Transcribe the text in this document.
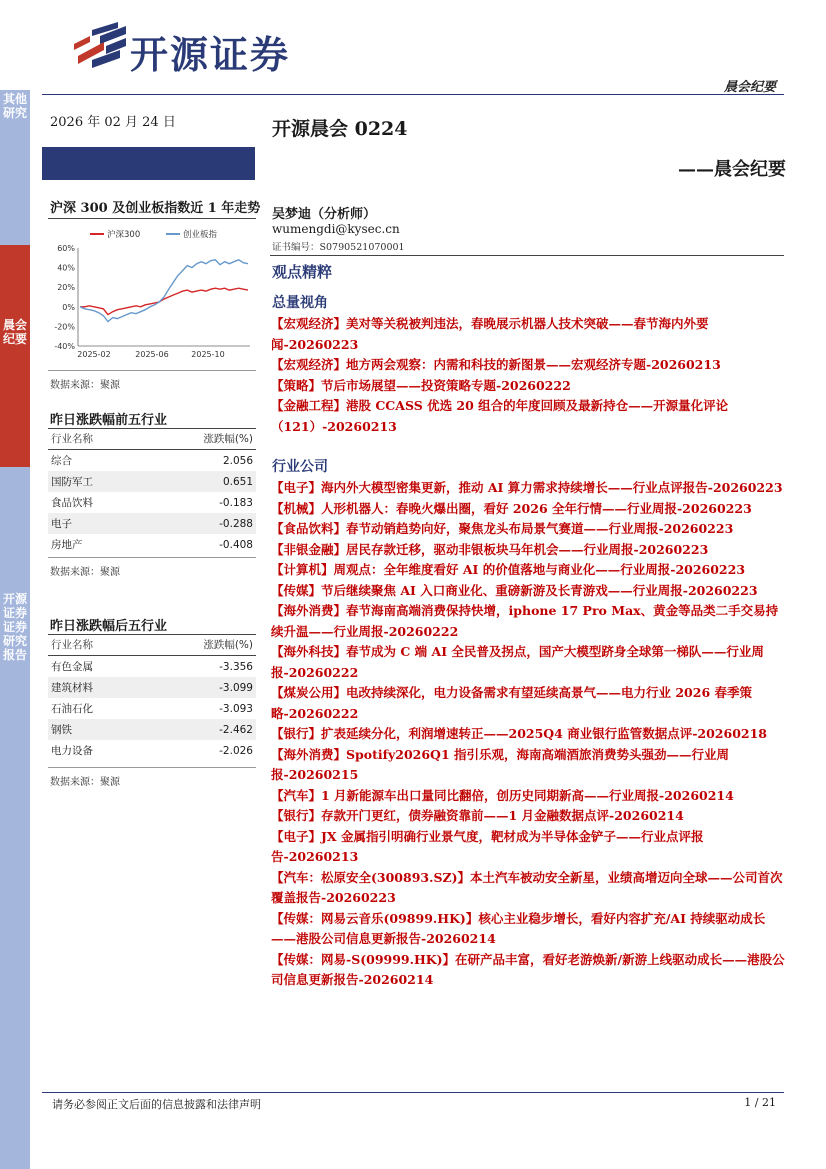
其他研究
晨会纪要
开源证券 证券研究报告
开源证券
晨会纪要
2026 年 02 月 24 日	开源晨会 0224
——晨会纪要
沪深 300 及创业板指数近 1 年走势
60%
40%
20%
0%
-20%
-40%
2025-02	2025-06	2025-10
沪深300	创业板指
数据来源：聚源
昨日涨跌幅前五行业
行业名称	涨跌幅(%)
综合	2.056
国防军工	0.651
食品饮料	-0.183
电子	-0.288
房地产	-0.408
数据来源：聚源
昨日涨跌幅后五行业
行业名称	涨跌幅(%)
有色金属	-3.356
建筑材料	-3.099
石油石化	-3.093
钢铁	-2.462
电力设备	-2.026
数据来源：聚源
吴梦迪（分析师）
wumengdi@kysec.cn
证书编号：S0790521070001
观点精粹
总量视角

【宏观经济】美对等关税被判违法，春晚展示机器人技术突破——春节海内外要闻-20260223

【宏观经济】地方两会观察：内需和科技的新图景——宏观经济专题-20260213

【策略】节后市场展望——投资策略专题-20260222

【金融工程】港股 CCASS 优选 20 组合的年度回顾及最新持仓——开源量化评论（121）-20260213

行业公司

【电子】海内外大模型密集更新，推动 AI 算力需求持续增长——行业点评报告-20260223

【机械】人形机器人：春晚火爆出圈，看好 2026 全年行情——行业周报-20260223

【食品饮料】春节动销趋势向好，聚焦龙头布局景气赛道——行业周报-20260223

【非银金融】居民存款迁移，驱动非银板块马年机会——行业周报-20260223

【计算机】周观点：全年维度看好 AI 的价值落地与商业化——行业周报-20260223

【传媒】节后继续聚焦 AI 入口商业化、重磅新游及长青游戏——行业周报-20260223

【海外消费】春节海南高端消费保持快增，iphone 17 Pro Max、黄金等品类二手交易持续升温——行业周报-20260222

【海外科技】春节成为 C 端 AI 全民普及拐点，国产大模型跻身全球第一梯队——行业周报-20260222

【煤炭公用】电改持续深化，电力设备需求有望延续高景气——电力行业 2026 春季策略-20260222

【银行】扩表延续分化，利润增速转正——2025Q4 商业银行监管数据点评-20260218

【海外消费】Spotify2026Q1 指引乐观，海南高端酒旅消费势头强劲——行业周报-20260215

【汽车】1 月新能源车出口量同比翻倍，创历史同期新高——行业周报-20260214

【银行】存款开门更红，债券融资靠前——1 月金融数据点评-20260214

【电子】JX 金属指引明确行业景气度，靶材成为半导体金铲子——行业点评报告-20260213

【汽车：松原安全(300893.SZ)】本土汽车被动安全新星，业绩高增迈向全球——公司首次覆盖报告-20260223

【传媒：网易云音乐(09899.HK)】核心主业稳步增长，看好内容扩充/AI 持续驱动成长——港股公司信息更新报告-20260214

【传媒：网易-S(09999.HK)】在研产品丰富，看好老游焕新/新游上线驱动成长——港股公司信息更新报告-20260214

请务必参阅正文后面的信息披露和法律声明	1 / 21
